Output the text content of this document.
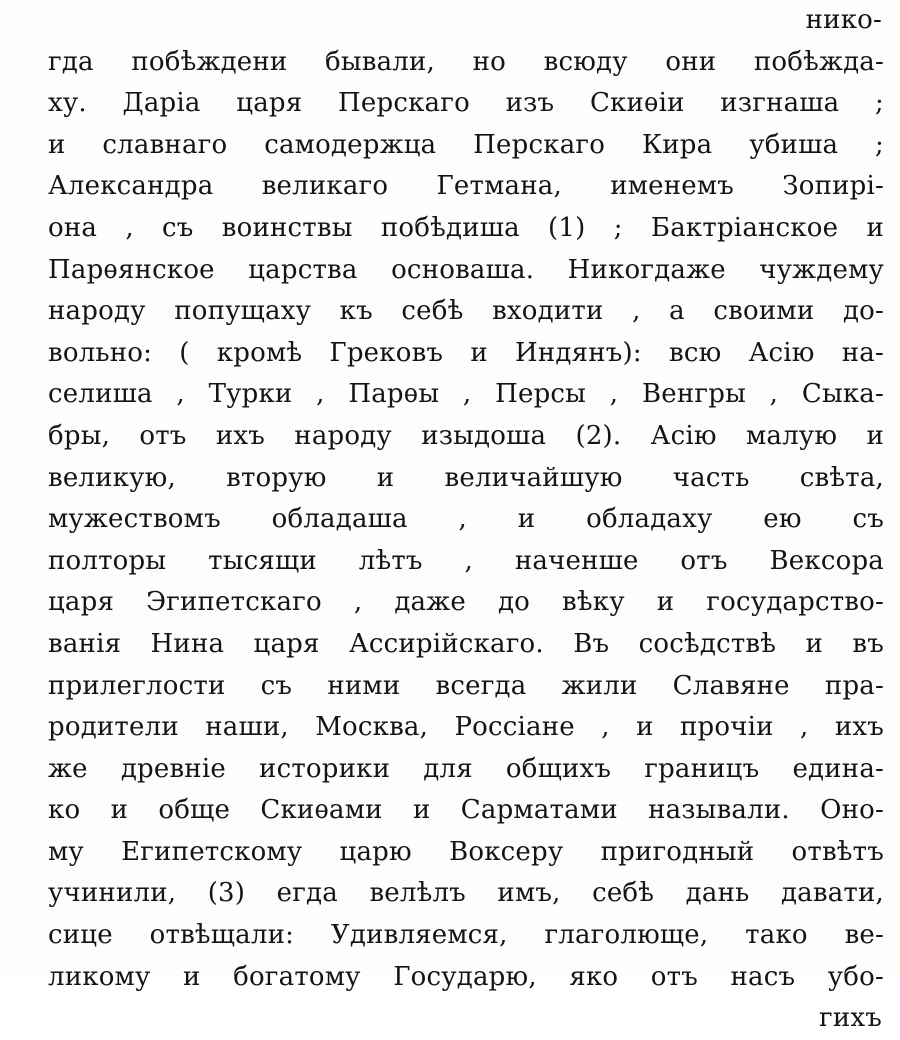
нико-
гда побѣждени бывали, но всюду они побѣжда-
ху. Дарiа царя Перскаго изъ Скиѳiи изгнаша ;
и славнаго самодержца Перскаго Кира убиша ;
Александра великаго Гетмана, именемъ Зопирi-
она , съ воинствы побѣдиша (1) ; Бактрiанское и
Парѳянское царства основаша. Никогдаже чуждему
народу попущаху къ себѣ входити , а своими до-
вольно: ( кромѣ Грековъ и Индянъ): всю Асiю на-
селиша , Турки , Парѳы , Персы , Венгры , Сыка-
бры, отъ ихъ народу изыдоша (2). Асiю малую и
великую, вторую и величайшую часть свѣта,
мужествомъ обладаша , и обладаху ею съ
полторы тысящи лѣтъ , наченше отъ Вексора
царя Эгипетскаго , даже до вѣку и государство-
ванiя Нина царя Ассирiйскаго. Въ сосѣдствѣ и въ
прилеглости съ ними всегда жили Славяне пра-
родители наши, Москва, Россiане , и прочiи , ихъ
же древнiе историки для общихъ границъ едина-
ко и обще Скиѳами и Сарматами называли. Оно-
му Египетскому царю Воксеру пригодный отвѣтъ
учинили, (3) егда велѣлъ имъ, себѣ дань давати,
сице отвѣщали: Удивляемся, глаголюще, тако ве-
ликому и богатому Государю, яко отъ насъ убо-
гихъ
